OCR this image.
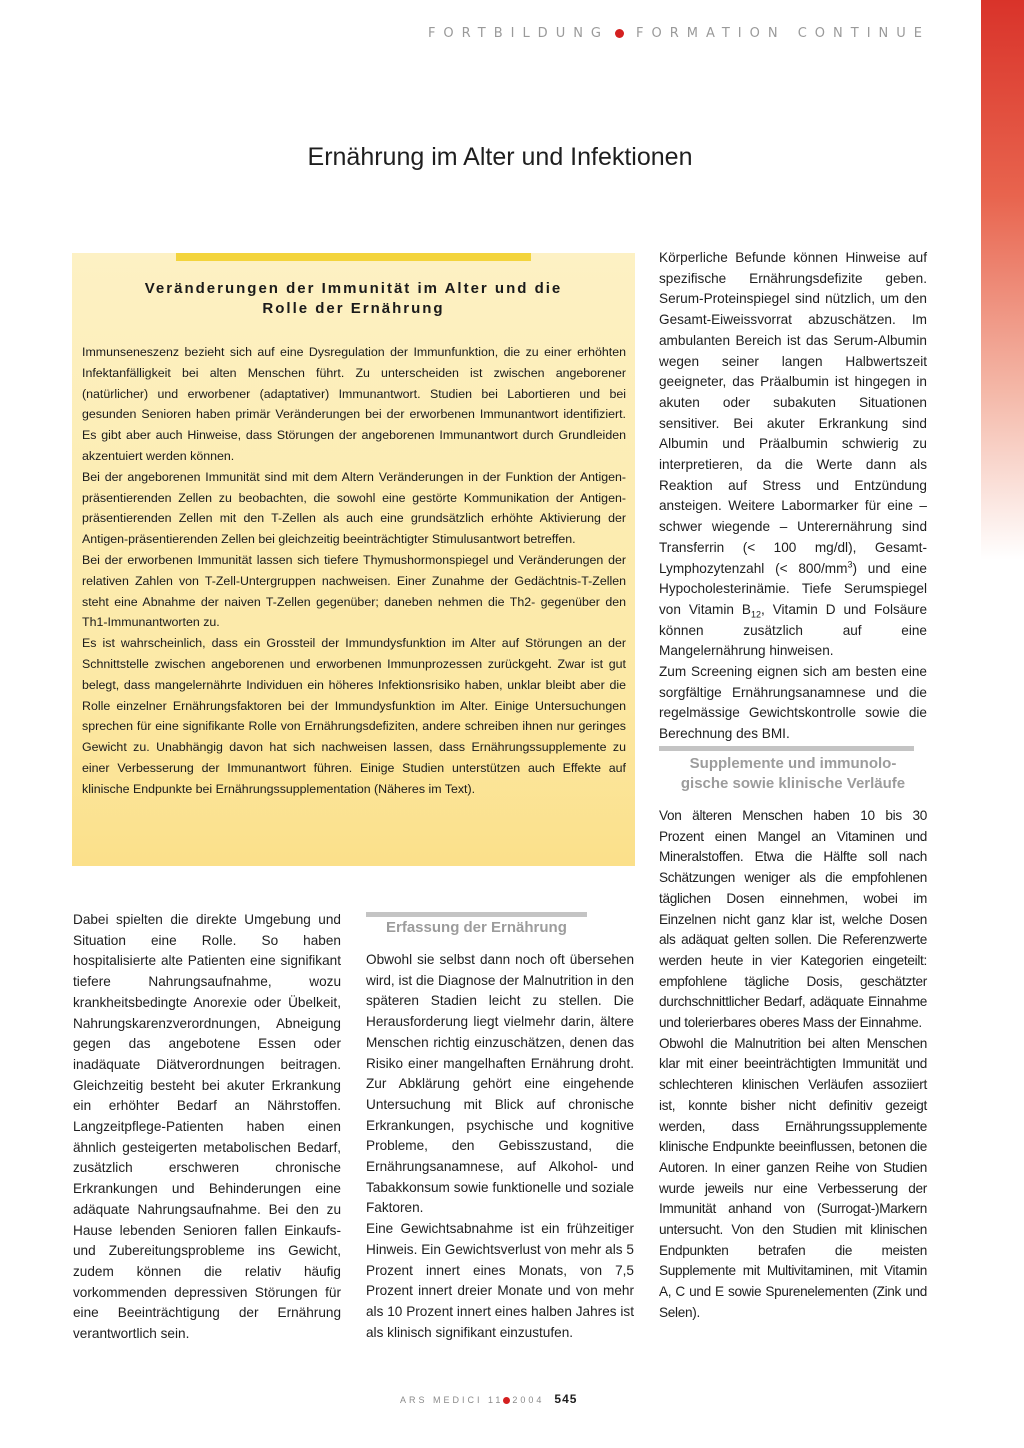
FORTBILDUNG FORMATION CONTINUE
Ernährung im Alter und Infektionen
Veränderungen der Immunität im Alter und die
Rolle der Ernährung

Immunseneszenz bezieht sich auf eine Dysregulation der Immunfunktion, die zu einer erhöhten Infektanfälligkeit bei alten Menschen führt. Zu unterscheiden ist zwischen angeborener (natürlicher) und erworbener (adaptativer) Immunantwort. Studien bei Labortieren und bei gesunden Senioren haben primär Veränderungen bei der erworbenen Immunantwort identifiziert. Es gibt aber auch Hinweise, dass Störungen der angeborenen Immunantwort durch Grundleiden akzentuiert werden können.

Bei der angeborenen Immunität sind mit dem Altern Veränderungen in der Funktion der Antigen-präsentierenden Zellen zu beobachten, die sowohl eine gestörte Kommunikation der Antigen-präsentierenden Zellen mit den T-Zellen als auch eine grundsätzlich erhöhte Aktivierung der Antigen-präsentierenden Zellen bei gleichzeitig beeinträchtigter Stimulusantwort betreffen.

Bei der erworbenen Immunität lassen sich tiefere Thymushormonspiegel und Veränderungen der relativen Zahlen von T-Zell-Untergruppen nachweisen. Einer Zunahme der Gedächtnis-T-Zellen steht eine Abnahme der naiven T-Zellen gegenüber; daneben nehmen die Th2- gegenüber den Th1-Immunantworten zu.

Es ist wahrscheinlich, dass ein Grossteil der Immundysfunktion im Alter auf Störungen an der Schnittstelle zwischen angeborenen und erworbenen Immunprozessen zurückgeht. Zwar ist gut belegt, dass mangelernährte Individuen ein höheres Infektionsrisiko haben, unklar bleibt aber die Rolle einzelner Ernährungsfaktoren bei der Immundysfunktion im Alter. Einige Untersuchungen sprechen für eine signifikante Rolle von Ernährungsdefiziten, andere schreiben ihnen nur geringes Gewicht zu. Unabhängig davon hat sich nachweisen lassen, dass Ernährungssupplemente zu einer Verbesserung der Immunantwort führen. Einige Studien unterstützen auch Effekte auf klinische Endpunkte bei Ernährungssupplementation (Näheres im Text).

Dabei spielten die direkte Umgebung und Situation eine Rolle. So haben hospitalisierte alte Patienten eine signifikant tiefere Nahrungsaufnahme, wozu krankheitsbedingte Anorexie oder Übelkeit, Nahrungskarenzverordnungen, Abneigung gegen das angebotene Essen oder inadäquate Diätverordnungen beitragen. Gleichzeitig besteht bei akuter Erkrankung ein erhöhter Bedarf an Nährstoffen. Langzeitpflege-Patienten haben einen ähnlich gesteigerten metabolischen Bedarf, zusätzlich erschweren chronische Erkrankungen und Behinderungen eine adäquate Nahrungsaufnahme. Bei den zu Hause lebenden Senioren fallen Einkaufs- und Zubereitungsprobleme ins Gewicht, zudem können die relativ häufig vorkommenden depressiven Störungen für eine Beeinträchtigung der Ernährung verantwortlich sein.

Erfassung der Ernährung

Obwohl sie selbst dann noch oft übersehen wird, ist die Diagnose der Malnutrition in den späteren Stadien leicht zu stellen. Die Herausforderung liegt vielmehr darin, ältere Menschen richtig einzuschätzen, denen das Risiko einer mangelhaften Ernährung droht. Zur Abklärung gehört eine eingehende Untersuchung mit Blick auf chronische Erkrankungen, psychische und kognitive Probleme, den Gebisszustand, die Ernährungsanamnese, auf Alkohol- und Tabakkonsum sowie funktionelle und soziale Faktoren.

Eine Gewichtsabnahme ist ein frühzeitiger Hinweis. Ein Gewichtsverlust von mehr als 5 Prozent innert eines Monats, von 7,5 Prozent innert dreier Monate und von mehr als 10 Prozent innert eines halben Jahres ist als klinisch signifikant einzustufen.

Körperliche Befunde können Hinweise auf spezifische Ernährungsdefizite geben. Serum-Proteinspiegel sind nützlich, um den Gesamt-Eiweissvorrat abzuschätzen. Im ambulanten Bereich ist das Serum-Albumin wegen seiner langen Halbwertszeit geeigneter, das Präalbumin ist hingegen in akuten oder subakuten Situationen sensitiver. Bei akuter Erkrankung sind Albumin und Präalbumin schwierig zu interpretieren, da die Werte dann als Reaktion auf Stress und Entzündung ansteigen. Weitere Labormarker für eine – schwer wiegende – Unterernährung sind Transferrin (< 100 mg/dl), Gesamt-Lymphozytenzahl (< $800/mm^3$) und eine Hypocholesterinämie. Tiefe Serumspiegel von Vitamin $B_{12}$, Vitamin D und Folsäure können zusätzlich auf eine Mangelernährung hinweisen.

Zum Screening eignen sich am besten eine sorgfältige Ernährungsanamnese und die regelmässige Gewichtskontrolle sowie die Berechnung des BMI.

Supplemente und immunolo-
gische sowie klinische Verläufe

Von älteren Menschen haben 10 bis 30 Prozent einen Mangel an Vitaminen und Mineralstoffen. Etwa die Hälfte soll nach Schätzungen weniger als die empfohlenen täglichen Dosen einnehmen, wobei im Einzelnen nicht ganz klar ist, welche Dosen als adäquat gelten sollen. Die Referenzwerte werden heute in vier Kategorien eingeteilt: empfohlene tägliche Dosis, geschätzter durchschnittlicher Bedarf, adäquate Einnahme und tolerierbares oberes Mass der Einnahme.

Obwohl die Malnutrition bei alten Menschen klar mit einer beeinträchtigten Immunität und schlechteren klinischen Verläufen assoziiert ist, konnte bisher nicht definitiv gezeigt werden, dass Ernährungssupplemente klinische Endpunkte beeinflussen, betonen die Autoren. In einer ganzen Reihe von Studien wurde jeweils nur eine Verbesserung der Immunität anhand von (Surrogat-)Markern untersucht. Von den Studien mit klinischen Endpunkten betrafen die meisten Supplemente mit Multivitaminen, mit Vitamin A, C und E sowie Spurenelementen (Zink und Selen).

ARS MEDICI 11 2004 545
